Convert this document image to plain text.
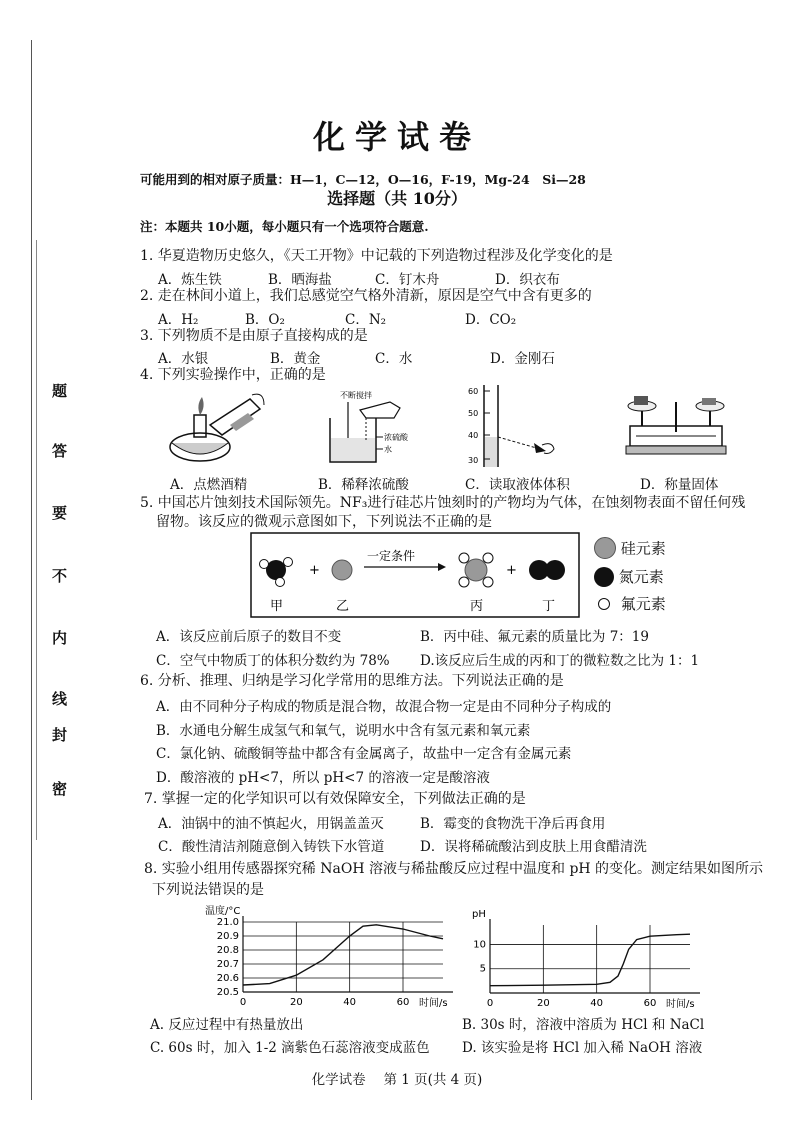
题
答
要
不
内
线
封
密
化学试卷
可能用到的相对原子质量：H—1，C—12，O—16，F-19，Mg-24　Si—28
选择题（共 10分）
注：本题共 10小题，每小题只有一个选项符合题意.
1. 华夏造物历史悠久，《天工开物》中记载的下列造物过程涉及化学变化的是
A．炼生铁	B．晒海盐	C．钉木舟	D．织衣布
2. 走在林间小道上，我们总感觉空气格外清新，原因是空气中含有更多的
A．H₂	B．O₂	C．N₂	D．CO₂
3. 下列物质不是由原子直接构成的是
A．水银	B．黄金	C．水	D．金刚石
4. 下列实验操作中，正确的是
不断搅拌
浓硫酸
水
60
50
40
30
A．点燃酒精	B．稀释浓硫酸	C．读取液体体积	D．称量固体
5. 中国芯片蚀刻技术国际领先。NF₃进行硅芯片蚀刻时的产物均为气体，在蚀刻物表面不留任何残
留物。该反应的微观示意图如下，下列说法不正确的是
+
一定条件
+
甲	乙	丙	丁
硅元素
氮元素
氟元素
A．该反应前后原子的数目不变	B．丙中硅、氟元素的质量比为 7：19
C．空气中物质丁的体积分数约为 78% D.该反应后生成的丙和丁的微粒数之比为 1：1
6. 分析、推理、归纳是学习化学常用的思维方法。下列说法正确的是
A．由不同种分子构成的物质是混合物，故混合物一定是由不同种分子构成的
B．水通电分解生成氢气和氧气，说明水中含有氢元素和氧元素
C．氯化钠、硫酸铜等盐中都含有金属离子，故盐中一定含有金属元素
D．酸溶液的 pH<7，所以 pH<7 的溶液一定是酸溶液
7. 掌握一定的化学知识可以有效保障安全，下列做法正确的是
A．油锅中的油不慎起火，用锅盖盖灭	B．霉变的食物洗干净后再食用
C．酸性清洁剂随意倒入铸铁下水管道	D．误将稀硫酸沾到皮肤上用食醋清洗
8. 实验小组用传感器探究稀 NaOH 溶液与稀盐酸反应过程中温度和 pH 的变化。测定结果如图所示
下列说法错误的是
温度/°C
21.0
20.9
20.8
20.7
20.6
20.5
0	20	40	60 时间/s
pH
10
5
0	20	40	60 时间/s
A. 反应过程中有热量放出	B. 30s 时，溶液中溶质为 HCl 和 NaCl
C. 60s 时，加入 1-2 滴紫色石蕊溶液变成蓝色 D. 该实验是将 HCl 加入稀 NaOH 溶液
化学试卷　 第 1 页(共 4 页)
